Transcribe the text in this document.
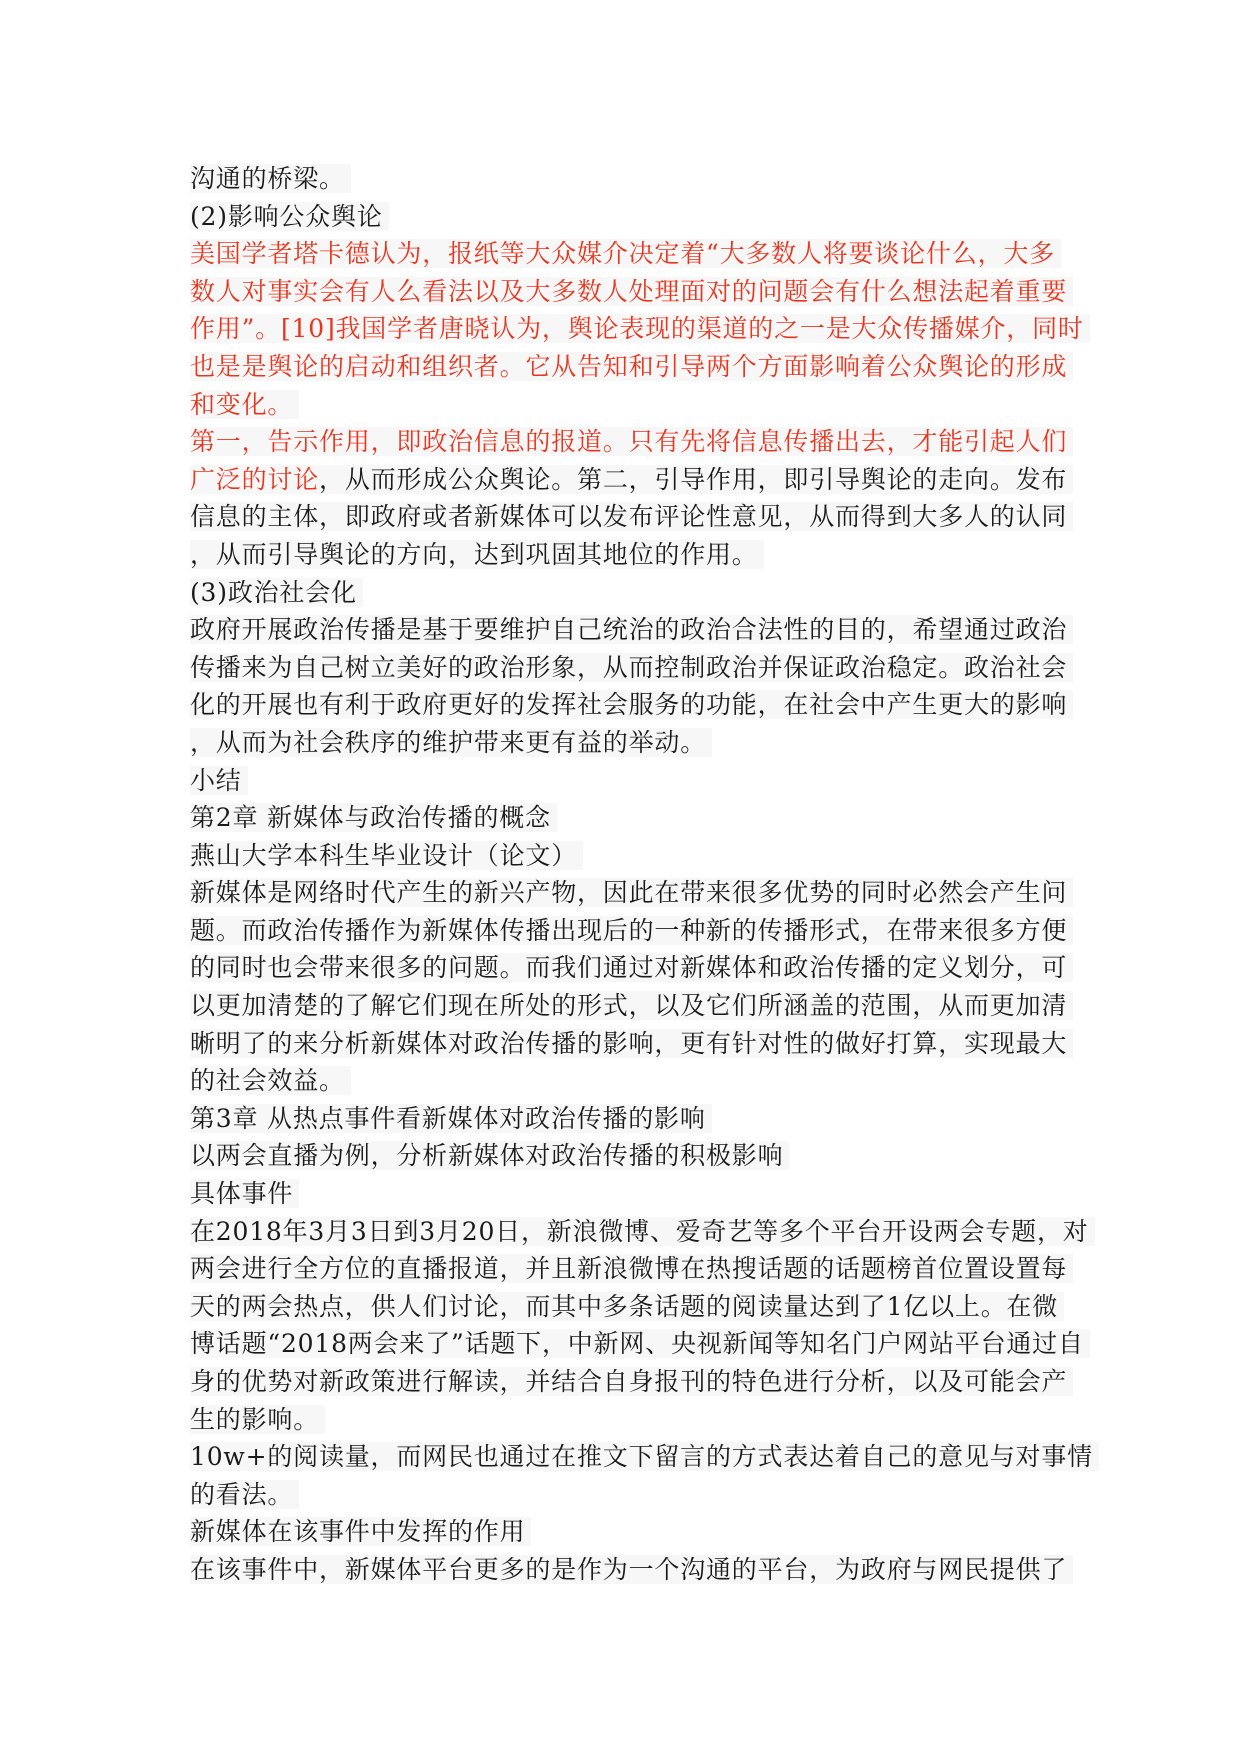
沟通的桥梁。
(2)影响公众舆论
美国学者塔卡德认为，报纸等大众媒介决定着“大多数人将要谈论什么，大多
数人对事实会有人么看法以及大多数人处理面对的问题会有什么想法起着重要
作用”。[10]我国学者唐晓认为，舆论表现的渠道的之一是大众传播媒介，同时
也是是舆论的启动和组织者。它从告知和引导两个方面影响着公众舆论的形成
和变化。
第一，告示作用，即政治信息的报道。只有先将信息传播出去，才能引起人们
广泛的讨论，从而形成公众舆论。第二，引导作用，即引导舆论的走向。发布
信息的主体，即政府或者新媒体可以发布评论性意见，从而得到大多人的认同
，从而引导舆论的方向，达到巩固其地位的作用。
(3)政治社会化
政府开展政治传播是基于要维护自己统治的政治合法性的目的，希望通过政治
传播来为自己树立美好的政治形象，从而控制政治并保证政治稳定。政治社会
化的开展也有利于政府更好的发挥社会服务的功能，在社会中产生更大的影响
，从而为社会秩序的维护带来更有益的举动。
小结
第2章 新媒体与政治传播的概念
燕山大学本科生毕业设计（论文）
新媒体是网络时代产生的新兴产物，因此在带来很多优势的同时必然会产生问
题。而政治传播作为新媒体传播出现后的一种新的传播形式，在带来很多方便
的同时也会带来很多的问题。而我们通过对新媒体和政治传播的定义划分，可
以更加清楚的了解它们现在所处的形式，以及它们所涵盖的范围，从而更加清
晰明了的来分析新媒体对政治传播的影响，更有针对性的做好打算，实现最大
的社会效益。
第3章 从热点事件看新媒体对政治传播的影响
以两会直播为例，分析新媒体对政治传播的积极影响
具体事件
在2018年3月3日到3月20日，新浪微博、爱奇艺等多个平台开设两会专题，对
两会进行全方位的直播报道，并且新浪微博在热搜话题的话题榜首位置设置每
天的两会热点，供人们讨论，而其中多条话题的阅读量达到了1亿以上。在微
博话题“2018两会来了”话题下，中新网、央视新闻等知名门户网站平台通过自
身的优势对新政策进行解读，并结合自身报刊的特色进行分析，以及可能会产
生的影响。
10w+的阅读量，而网民也通过在推文下留言的方式表达着自己的意见与对事情
的看法。
新媒体在该事件中发挥的作用
在该事件中，新媒体平台更多的是作为一个沟通的平台，为政府与网民提供了
